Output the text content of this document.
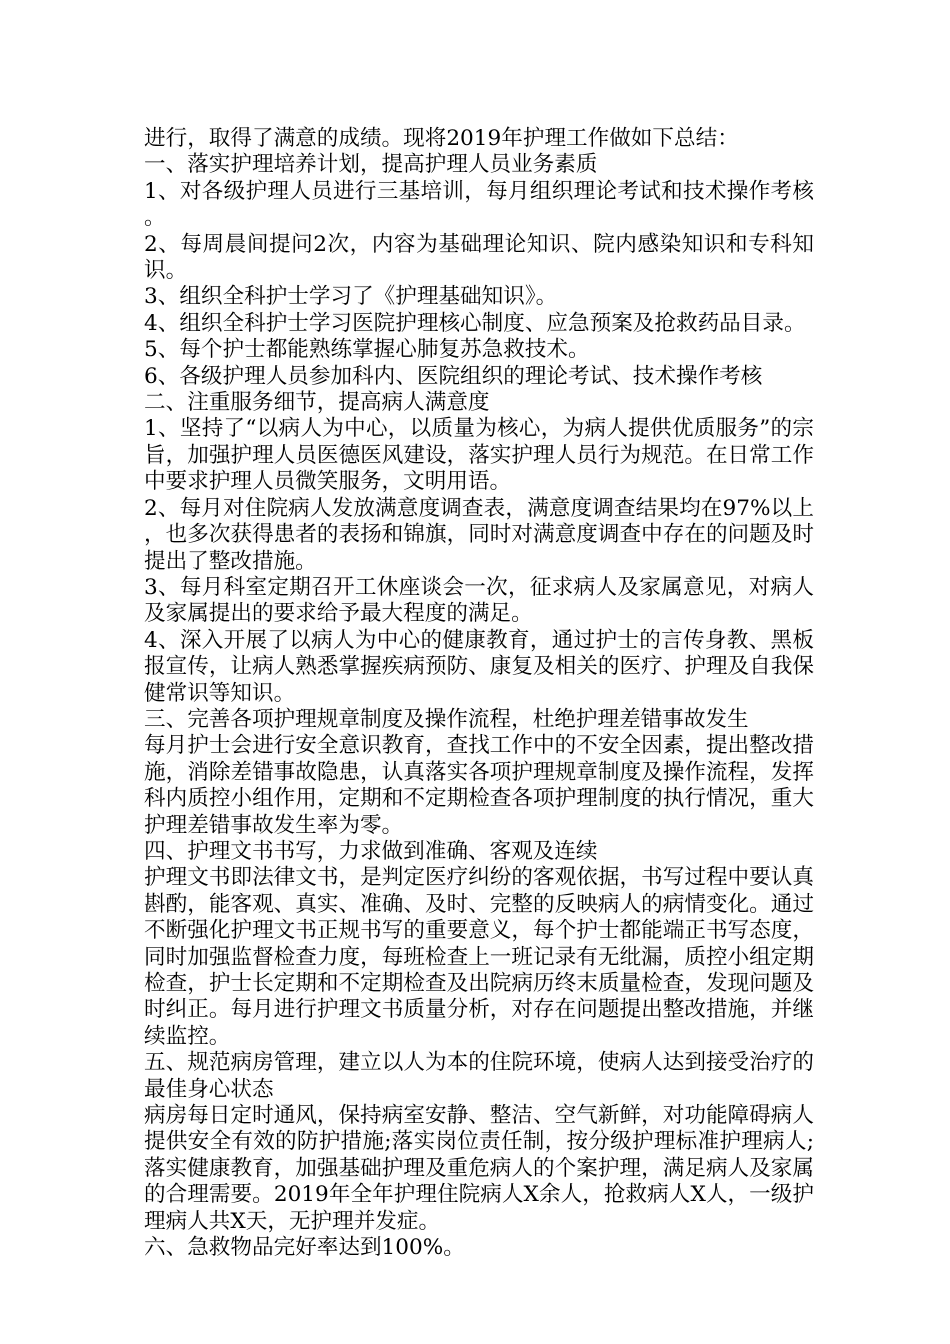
进行，取得了满意的成绩。现将2019年护理工作做如下总结：

一、落实护理培养计划，提高护理人员业务素质

1、对各级护理人员进行三基培训，每月组织理论考试和技术操作考核。

2、每周晨间提问2次，内容为基础理论知识、院内感染知识和专科知识。

3、组织全科护士学习了《护理基础知识》。

4、组织全科护士学习医院护理核心制度、应急预案及抢救药品目录。

5、每个护士都能熟练掌握心肺复苏急救技术。

6、各级护理人员参加科内、医院组织的理论考试、技术操作考核

二、注重服务细节，提高病人满意度

1、坚持了“以病人为中心，以质量为核心，为病人提供优质服务”的宗旨，加强护理人员医德医风建设，落实护理人员行为规范。在日常工作中要求护理人员微笑服务，文明用语。

2、每月对住院病人发放满意度调查表，满意度调查结果均在97%以上，也多次获得患者的表扬和锦旗，同时对满意度调查中存在的问题及时提出了整改措施。

3、每月科室定期召开工休座谈会一次，征求病人及家属意见，对病人及家属提出的要求给予最大程度的满足。

4、深入开展了以病人为中心的健康教育，通过护士的言传身教、黑板报宣传，让病人熟悉掌握疾病预防、康复及相关的医疗、护理及自我保健常识等知识。

三、完善各项护理规章制度及操作流程，杜绝护理差错事故发生

每月护士会进行安全意识教育，查找工作中的不安全因素，提出整改措施，消除差错事故隐患，认真落实各项护理规章制度及操作流程，发挥科内质控小组作用，定期和不定期检查各项护理制度的执行情况，重大护理差错事故发生率为零。

四、护理文书书写，力求做到准确、客观及连续

护理文书即法律文书，是判定医疗纠纷的客观依据，书写过程中要认真斟酌，能客观、真实、准确、及时、完整的反映病人的病情变化。通过不断强化护理文书正规书写的重要意义，每个护士都能端正书写态度，同时加强监督检查力度，每班检查上一班记录有无纰漏，质控小组定期检查，护士长定期和不定期检查及出院病历终末质量检查，发现问题及时纠正。每月进行护理文书质量分析，对存在问题提出整改措施，并继续监控。

五、规范病房管理，建立以人为本的住院环境，使病人达到接受治疗的最佳身心状态

病房每日定时通风，保持病室安静、整洁、空气新鲜，对功能障碍病人提供安全有效的防护措施;落实岗位责任制，按分级护理标准护理病人;落实健康教育，加强基础护理及重危病人的个案护理，满足病人及家属的合理需要。2019年全年护理住院病人X余人，抢救病人X人，一级护理病人共X天，无护理并发症。

六、急救物品完好率达到100%。
